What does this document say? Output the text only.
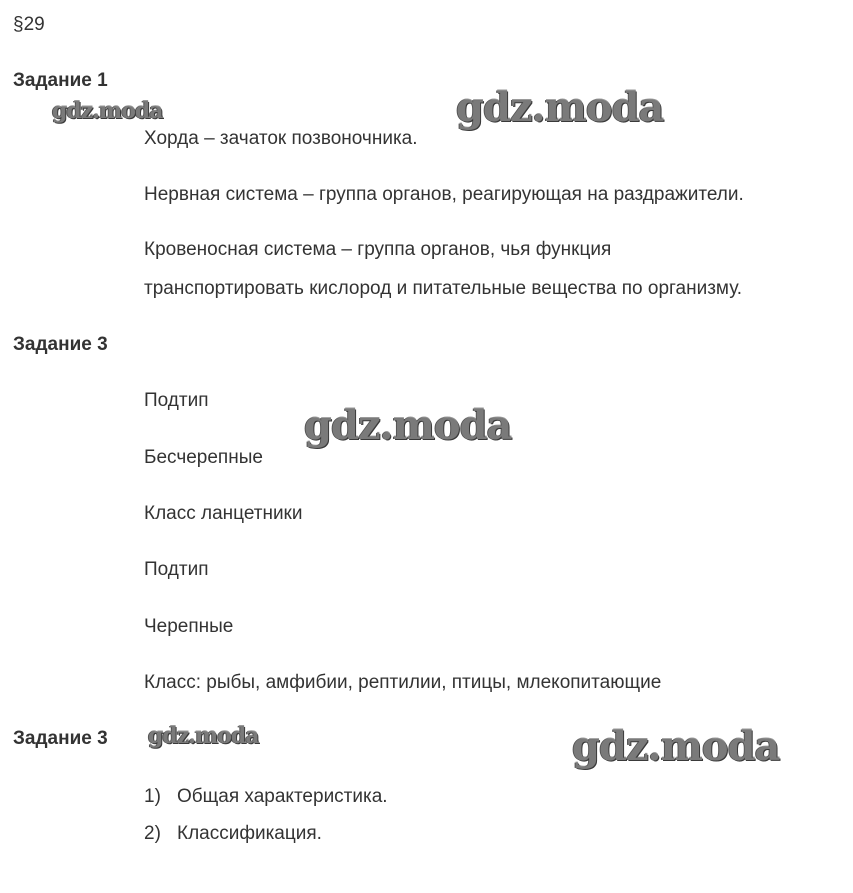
§29
Задание 1
Хорда – зачаток позвоночника.
Нервная система – группа органов, реагирующая на раздражители.
Кровеносная система – группа органов, чья функция
транспортировать кислород и питательные вещества по организму.
Задание 3
Подтип
Бесчерепные
Класс ланцетники
Подтип
Черепные
Класс: рыбы, амфибии, рептилии, птицы, млекопитающие
Задание 3
1) Общая характеристика.
2) Классификация.
gdz.moda	gdz.moda
gdz.moda
gdz.moda	gdz.moda
